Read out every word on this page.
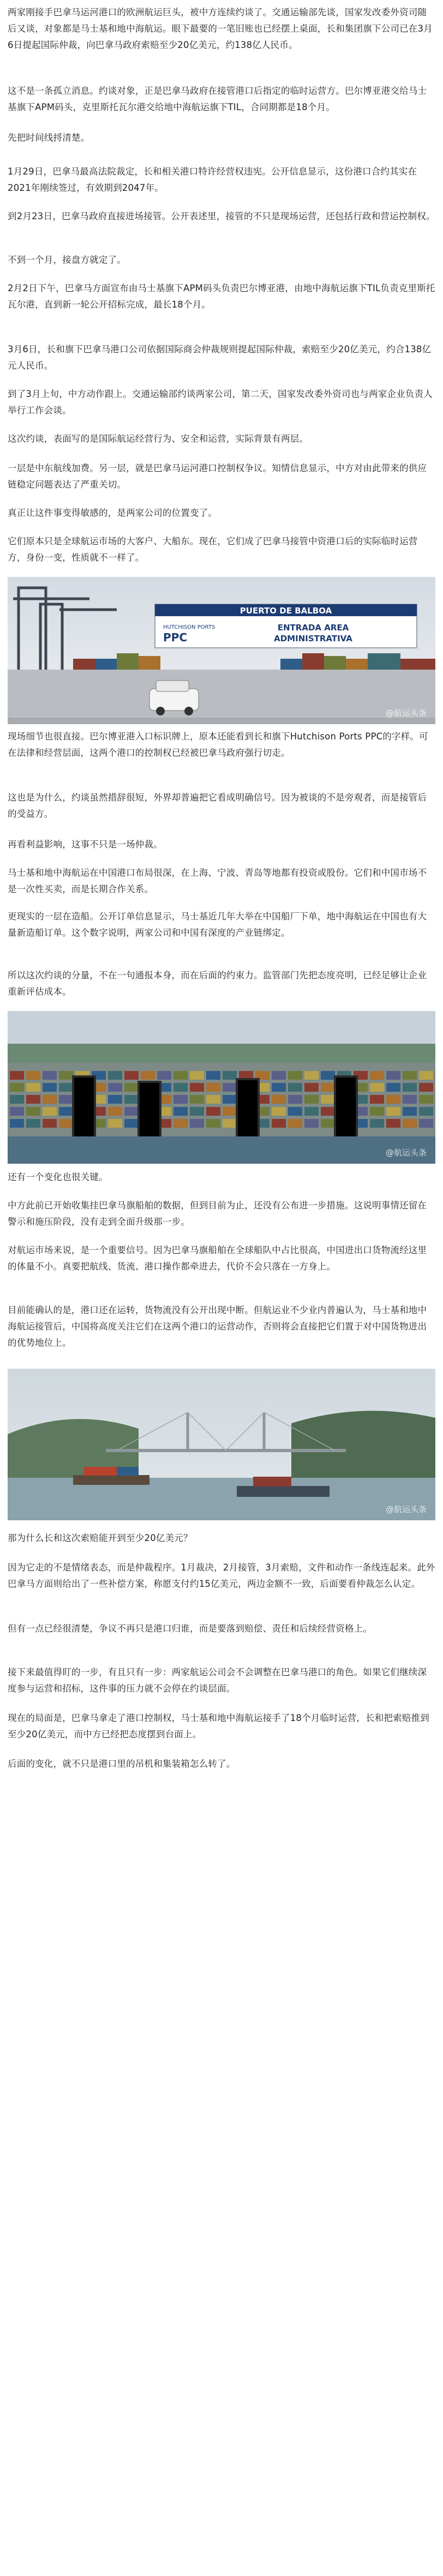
两家刚接手巴拿马运河港口的欧洲航运巨头，被中方连续约谈了。交通运输部先谈，国家发改委外资司随后又谈，对象都是马士基和地中海航运。眼下最要的一笔旧账也已经摆上桌面，长和集团旗下公司已在3月6日提起国际仲裁，向巴拿马政府索赔至少20亿美元，约138亿人民币。

这不是一条孤立消息。约谈对象，正是巴拿马政府在接管港口后指定的临时运营方。巴尔博亚港交给马士基旗下APM码头，克里斯托瓦尔港交给地中海航运旗下TIL，合同期都是18个月。

先把时间线捋清楚。

1月29日，巴拿马最高法院裁定，长和相关港口特许经营权违宪。公开信息显示，这份港口合约其实在2021年刚续签过，有效期到2047年。

到2月23日，巴拿马政府直接进场接管。公开表述里，接管的不只是现场运营，还包括行政和营运控制权。

不到一个月，接盘方就定了。

2月2日下午，巴拿马方面宣布由马士基旗下APM码头负责巴尔博亚港，由地中海航运旗下TIL负责克里斯托瓦尔港，直到新一轮公开招标完成，最长18个月。

3月6日，长和旗下巴拿马港口公司依据国际商会仲裁规则提起国际仲裁，索赔至少20亿美元，约合138亿元人民币。

到了3月上旬，中方动作跟上。交通运输部约谈两家公司，第二天，国家发改委外资司也与两家企业负责人举行工作会谈。

这次约谈，表面写的是国际航运经营行为、安全和运营，实际背景有两层。

一层是中东航线加费。另一层，就是巴拿马运河港口控制权争议。知情信息显示，中方对由此带来的供应链稳定问题表达了严重关切。

真正让这件事变得敏感的，是两家公司的位置变了。

它们原本只是全球航运市场的大客户、大船东。现在，它们成了巴拿马接管中资港口后的实际临时运营方，身份一变，性质就不一样了。

PUERTO DE BALBOA
HUTCHISON PORTS
PPC
ENTRADA AREA
ADMINISTRATIVA
@航运头条

现场细节也很直接。巴尔博亚港入口标识牌上，原本还能看到长和旗下Hutchison Ports PPC的字样。可在法律和经营层面，这两个港口的控制权已经被巴拿马政府强行切走。

这也是为什么，约谈虽然措辞很短，外界却普遍把它看成明确信号。因为被谈的不是旁观者，而是接管后的受益方。

再看利益影响，这事不只是一场仲裁。

马士基和地中海航运在中国港口布局很深，在上海、宁波、青岛等地都有投资或股份。它们和中国市场不是一次性买卖，而是长期合作关系。

更现实的一层在造船。公开订单信息显示，马士基近几年大举在中国船厂下单，地中海航运在中国也有大量新造船订单。这个数字说明，两家公司和中国有深度的产业链绑定。

所以这次约谈的分量，不在一句通报本身，而在后面的约束力。监管部门先把态度亮明，已经足够让企业重新评估成本。

@航运头条

还有一个变化也很关键。

中方此前已开始收集挂巴拿马旗船舶的数据，但到目前为止，还没有公布进一步措施。这说明事情还留在警示和施压阶段，没有走到全面升级那一步。

对航运市场来说，是一个重要信号。因为巴拿马旗船舶在全球船队中占比很高，中国进出口货物流经这里的体量不小。真要把航线、货流、港口操作都牵进去，代价不会只落在一方身上。

目前能确认的是，港口还在运转，货物流没有公开出现中断。但航运业不少业内普遍认为，马士基和地中海航运接管后，中国将高度关注它们在这两个港口的运营动作，否则将会直接把它们置于对中国货物进出的优势地位上。

@航运头条

那为什么长和这次索赔能开到至少20亿美元？

因为它走的不是情绪表态，而是仲裁程序。1月裁决，2月接管，3月索赔，文件和动作一条线连起来。此外巴拿马方面则给出了一些补偿方案，称愿支付约15亿美元，两边金额不一致，后面要看仲裁怎么认定。

但有一点已经很清楚，争议不再只是港口归谁，而是要落到赔偿、责任和后续经营资格上。

接下来最值得盯的一步，有且只有一步：两家航运公司会不会调整在巴拿马港口的角色。如果它们继续深度参与运营和招标，这件事的压力就不会停在约谈层面。

现在的局面是，巴拿马拿走了港口控制权，马士基和地中海航运接手了18个月临时运营，长和把索赔推到至少20亿美元，而中方已经把态度摆到台面上。

后面的变化，就不只是港口里的吊机和集装箱怎么转了。
